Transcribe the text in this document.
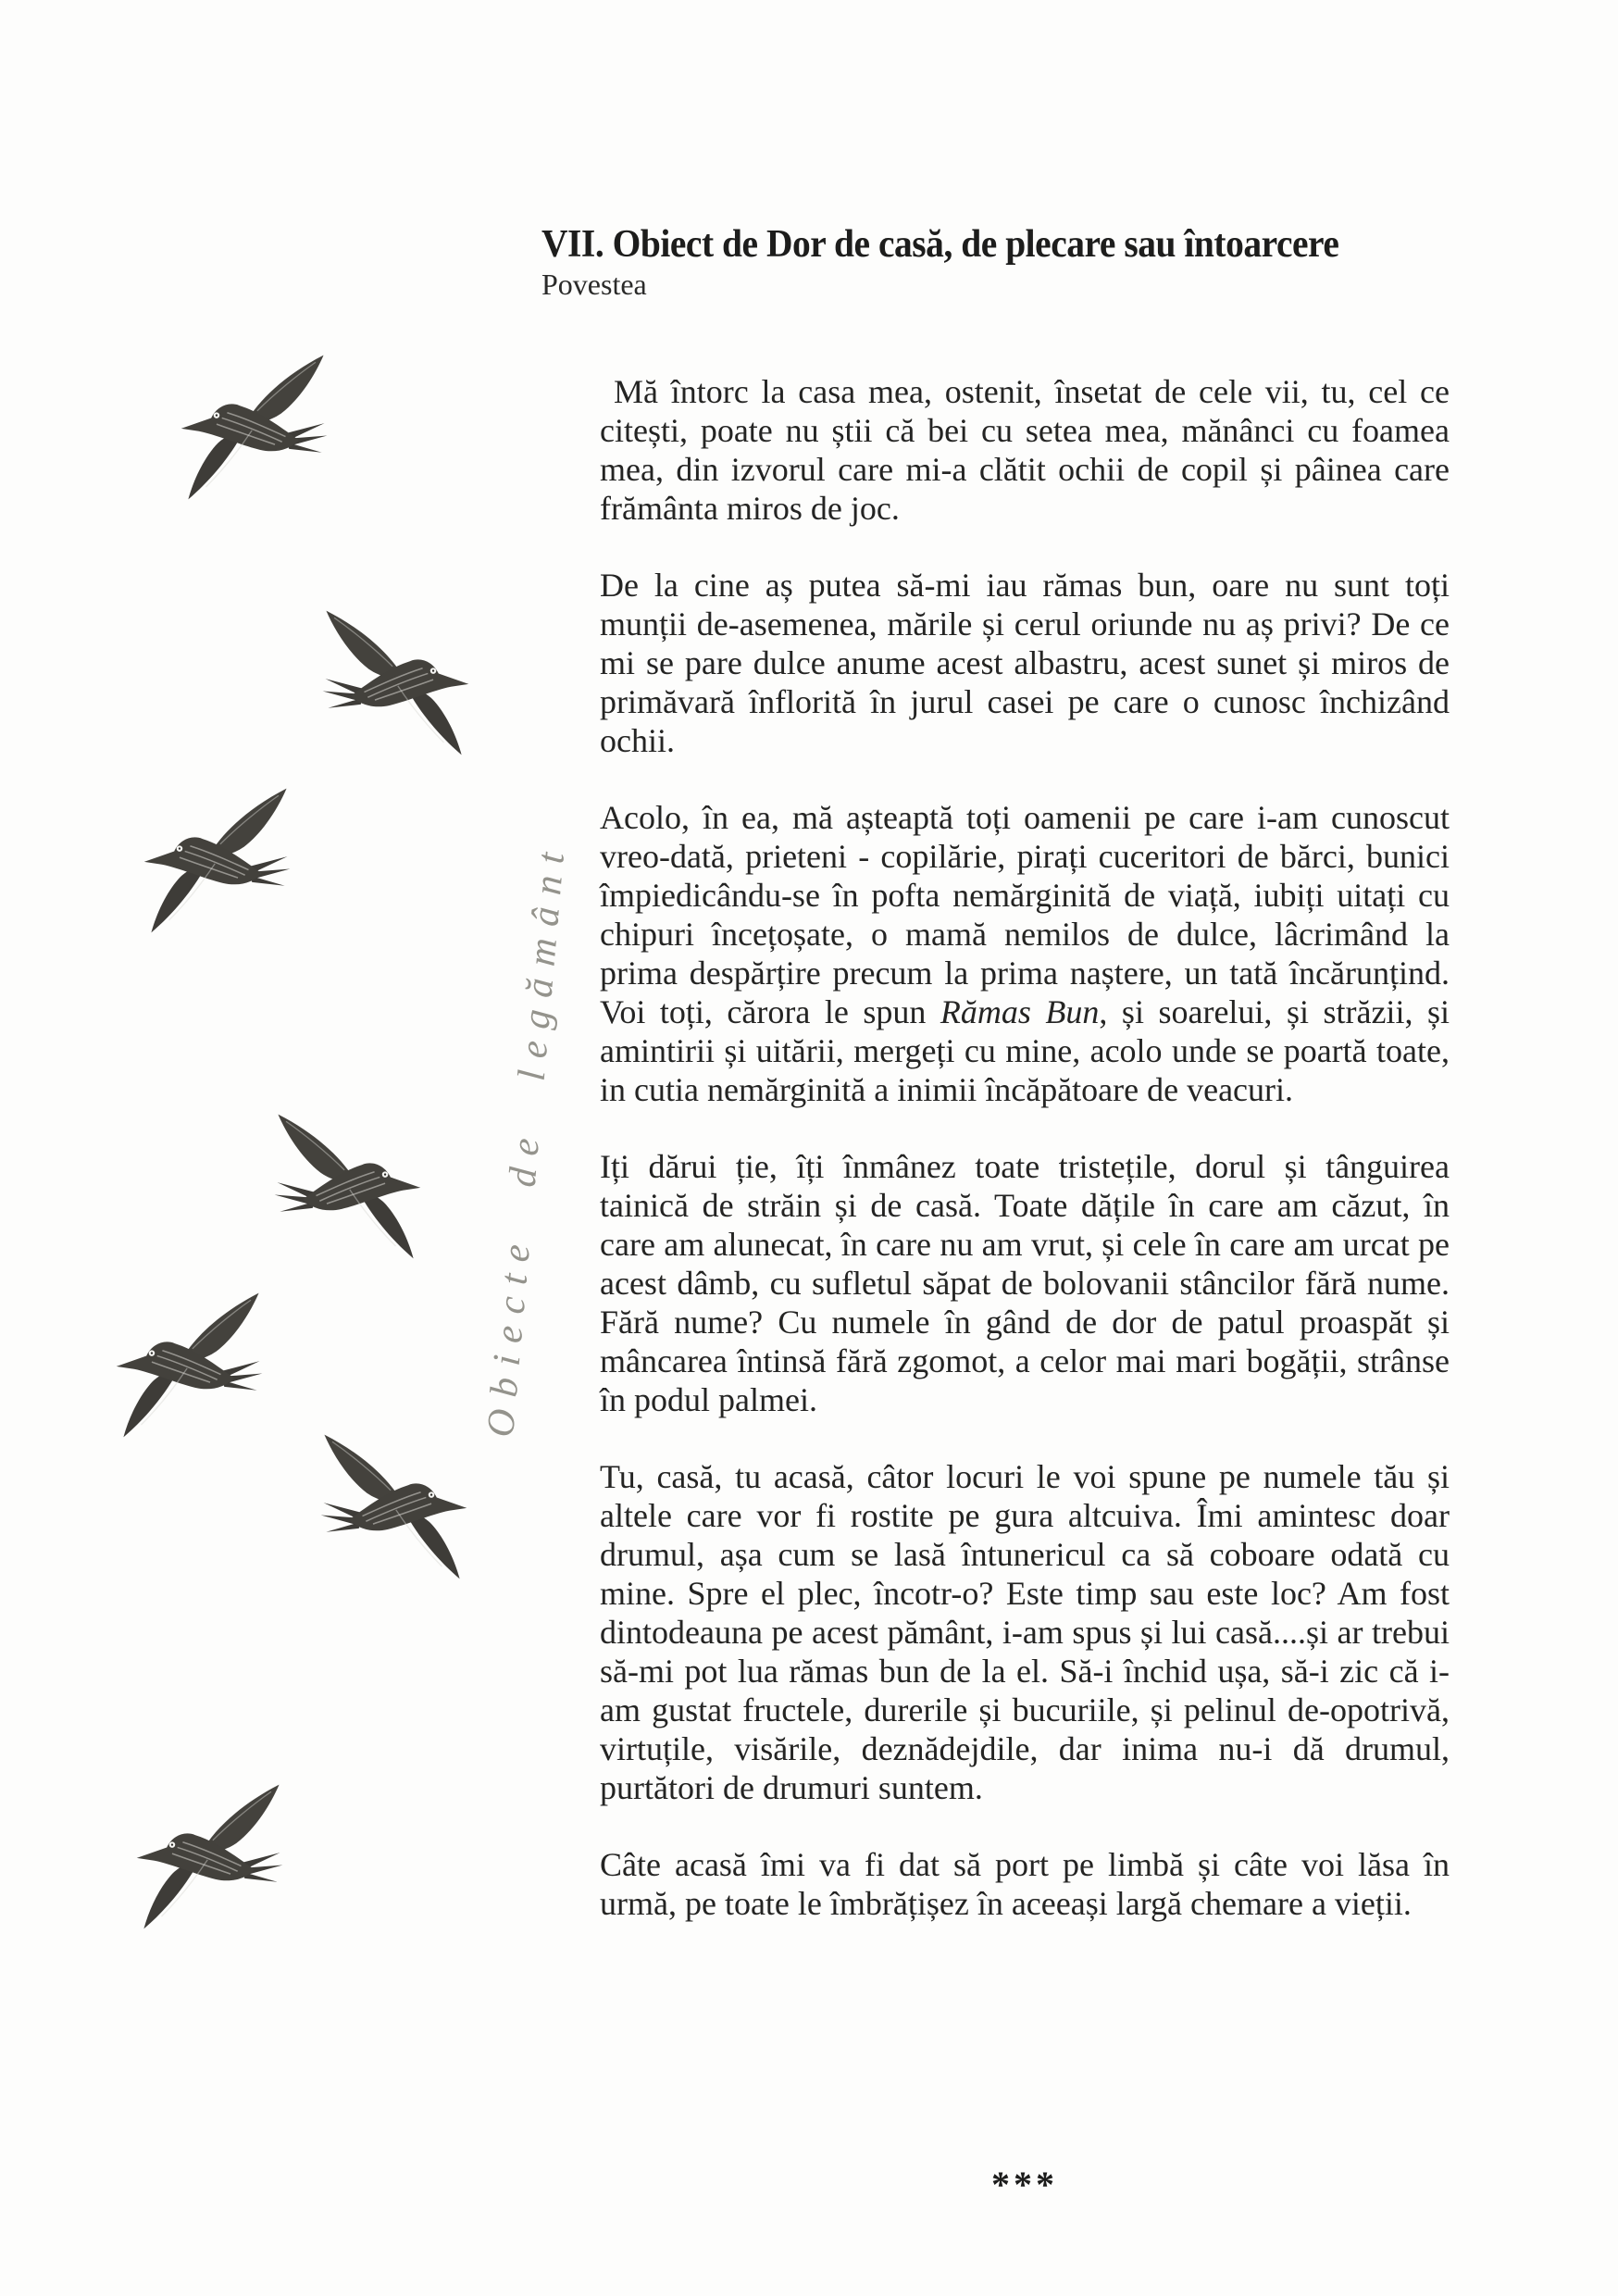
Obiecte de legământ
VII. Obiect de Dor de casă, de plecare sau întoarcere
Povestea

Mă întorc la casa mea, ostenit, însetat de cele vii, tu, cel ce citești, poate nu știi că bei cu setea mea, mănânci cu foamea mea, din izvorul care mi-a clătit ochii de copil și pâinea care frământa miros de joc.

De la cine aș putea să-mi iau rămas bun, oare nu sunt toți munții de-asemenea, mările și cerul oriunde nu aș privi? De ce mi se pare dulce anume acest albastru, acest sunet și miros de primăvară înflorită în jurul casei pe care o cunosc închizând ochii.

Acolo, în ea, mă așteaptă toți oamenii pe care i-am cunoscut vreo-dată, prieteni - copilărie, pirați cuceritori de bărci, bunici împiedicându-se în pofta nemărginită de viață, iubiți uitați cu chipuri încețoșate, o mamă nemilos de dulce, lâcrimând la prima despărțire precum la prima naștere, un tată încărunțind. Voi toți, cărora le spun Rămas Bun, și soarelui, și străzii, și amintirii și uitării, mergeți cu mine, acolo unde se poartă toate, in cutia nemărginită a inimii încăpătoare de veacuri.

Iți dărui ție, îți înmânez toate tristețile, dorul și tânguirea tainică de străin și de casă. Toate dățile în care am căzut, în care am alunecat, în care nu am vrut, și cele în care am urcat pe acest dâmb, cu sufletul săpat de bolovanii stâncilor fără nume. Fără nume? Cu numele în gând de dor de patul proaspăt și mâncarea întinsă fără zgomot, a celor mai mari bogății, strânse în podul palmei.

Tu, casă, tu acasă, câtor locuri le voi spune pe numele tău și altele care vor fi rostite pe gura altcuiva. Îmi amintesc doar drumul, așa cum se lasă întunericul ca să coboare odată cu mine. Spre el plec, încotr-o? Este timp sau este loc? Am fost dintodeauna pe acest pământ, i-am spus și lui casă....și ar trebui să-mi pot lua rămas bun de la el. Să-i închid ușa, să-i zic că i-am gustat fructele, durerile și bucuriile, și pelinul de-opotrivă, virtuțile, visările, deznădejdile, dar inima nu-i dă drumul, purtători de drumuri suntem.

Câte acasă îmi va fi dat să port pe limbă și câte voi lăsa în urmă, pe toate le îmbrățișez în aceeași largă chemare a vieții.

***
